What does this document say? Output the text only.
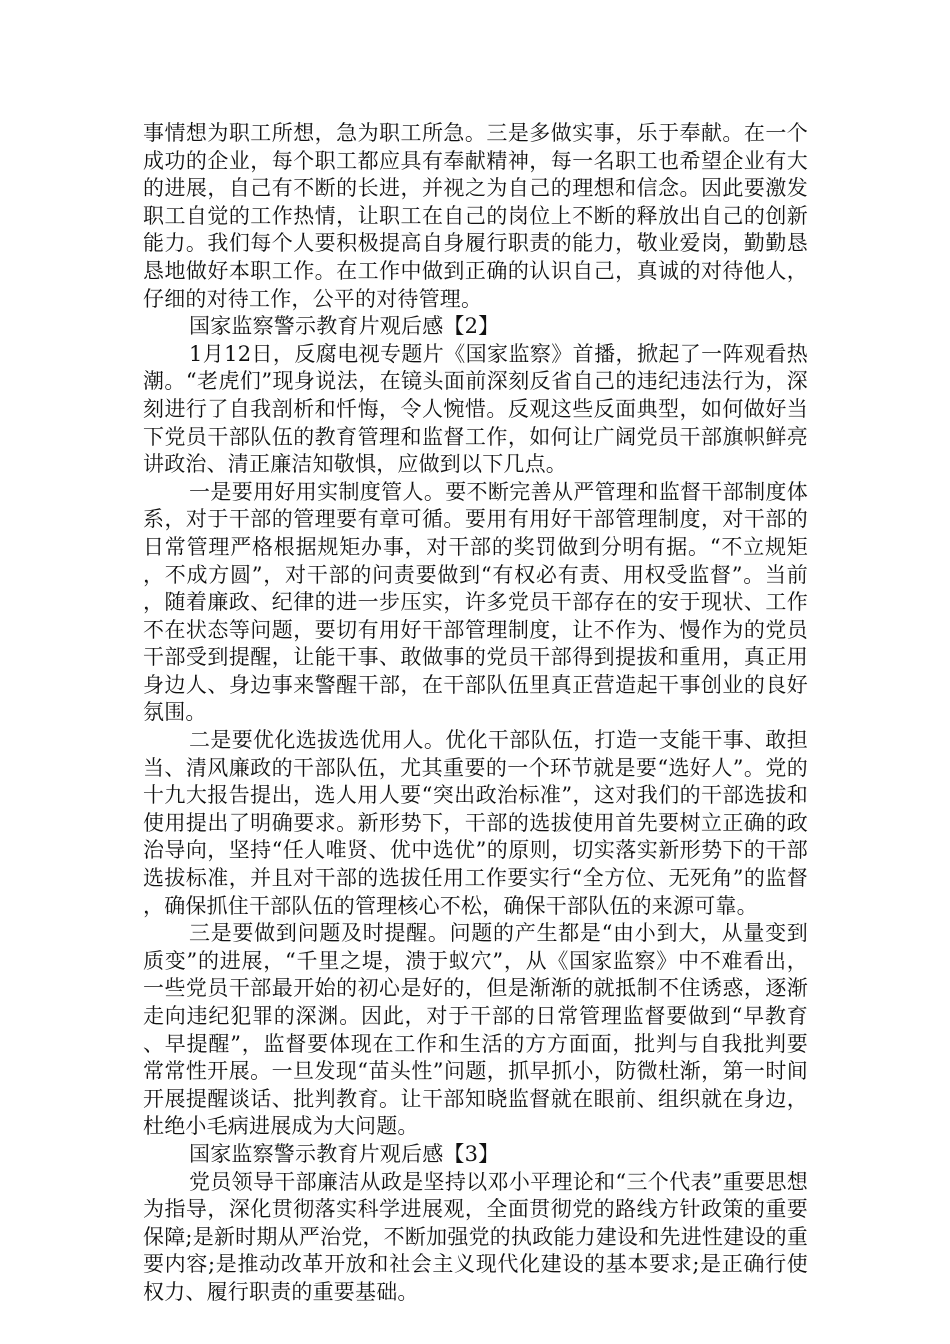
事情想为职工所想，急为职工所急。三是多做实事，乐于奉献。在一个成功的企业，每个职工都应具有奉献精神，每一名职工也希望企业有大的进展，自己有不断的长进，并视之为自己的理想和信念。因此要激发职工自觉的工作热情，让职工在自己的岗位上不断的释放出自己的创新能力。我们每个人要积极提高自身履行职责的能力，敬业爱岗，勤勤恳恳地做好本职工作。在工作中做到正确的认识自己，真诚的对待他人，仔细的对待工作，公平的对待管理。

国家监察警示教育片观后感【2】

1月12日，反腐电视专题片《国家监察》首播，掀起了一阵观看热潮。“老虎们”现身说法，在镜头面前深刻反省自己的违纪违法行为，深刻进行了自我剖析和忏悔，令人惋惜。反观这些反面典型，如何做好当下党员干部队伍的教育管理和监督工作，如何让广阔党员干部旗帜鲜亮讲政治、清正廉洁知敬惧，应做到以下几点。

一是要用好用实制度管人。要不断完善从严管理和监督干部制度体系，对于干部的管理要有章可循。要用有用好干部管理制度，对干部的日常管理严格根据规矩办事，对干部的奖罚做到分明有据。“不立规矩，不成方圆”，对干部的问责要做到“有权必有责、用权受监督”。当前，随着廉政、纪律的进一步压实，许多党员干部存在的安于现状、工作不在状态等问题，要切有用好干部管理制度，让不作为、慢作为的党员干部受到提醒，让能干事、敢做事的党员干部得到提拔和重用，真正用身边人、身边事来警醒干部，在干部队伍里真正营造起干事创业的良好氛围。

二是要优化选拔选优用人。优化干部队伍，打造一支能干事、敢担当、清风廉政的干部队伍，尤其重要的一个环节就是要“选好人”。党的十九大报告提出，选人用人要“突出政治标准”，这对我们的干部选拔和使用提出了明确要求。新形势下，干部的选拔使用首先要树立正确的政治导向，坚持“任人唯贤、优中选优”的原则，切实落实新形势下的干部选拔标准，并且对干部的选拔任用工作要实行“全方位、无死角”的监督，确保抓住干部队伍的管理核心不松，确保干部队伍的来源可靠。

三是要做到问题及时提醒。问题的产生都是“由小到大，从量变到质变”的进展，“千里之堤，溃于蚁穴”，从《国家监察》中不难看出，一些党员干部最开始的初心是好的，但是渐渐的就抵制不住诱惑，逐渐走向违纪犯罪的深渊。因此，对于干部的日常管理监督要做到“早教育、早提醒”，监督要体现在工作和生活的方方面面，批判与自我批判要常常性开展。一旦发现“苗头性”问题，抓早抓小，防微杜渐，第一时间开展提醒谈话、批判教育。让干部知晓监督就在眼前、组织就在身边，杜绝小毛病进展成为大问题。

国家监察警示教育片观后感【3】

党员领导干部廉洁从政是坚持以邓小平理论和“三个代表”重要思想为指导，深化贯彻落实科学进展观，全面贯彻党的路线方针政策的重要保障;是新时期从严治党，不断加强党的执政能力建设和先进性建设的重要内容;是推动改革开放和社会主义现代化建设的基本要求;是正确行使权力、履行职责的重要基础。
